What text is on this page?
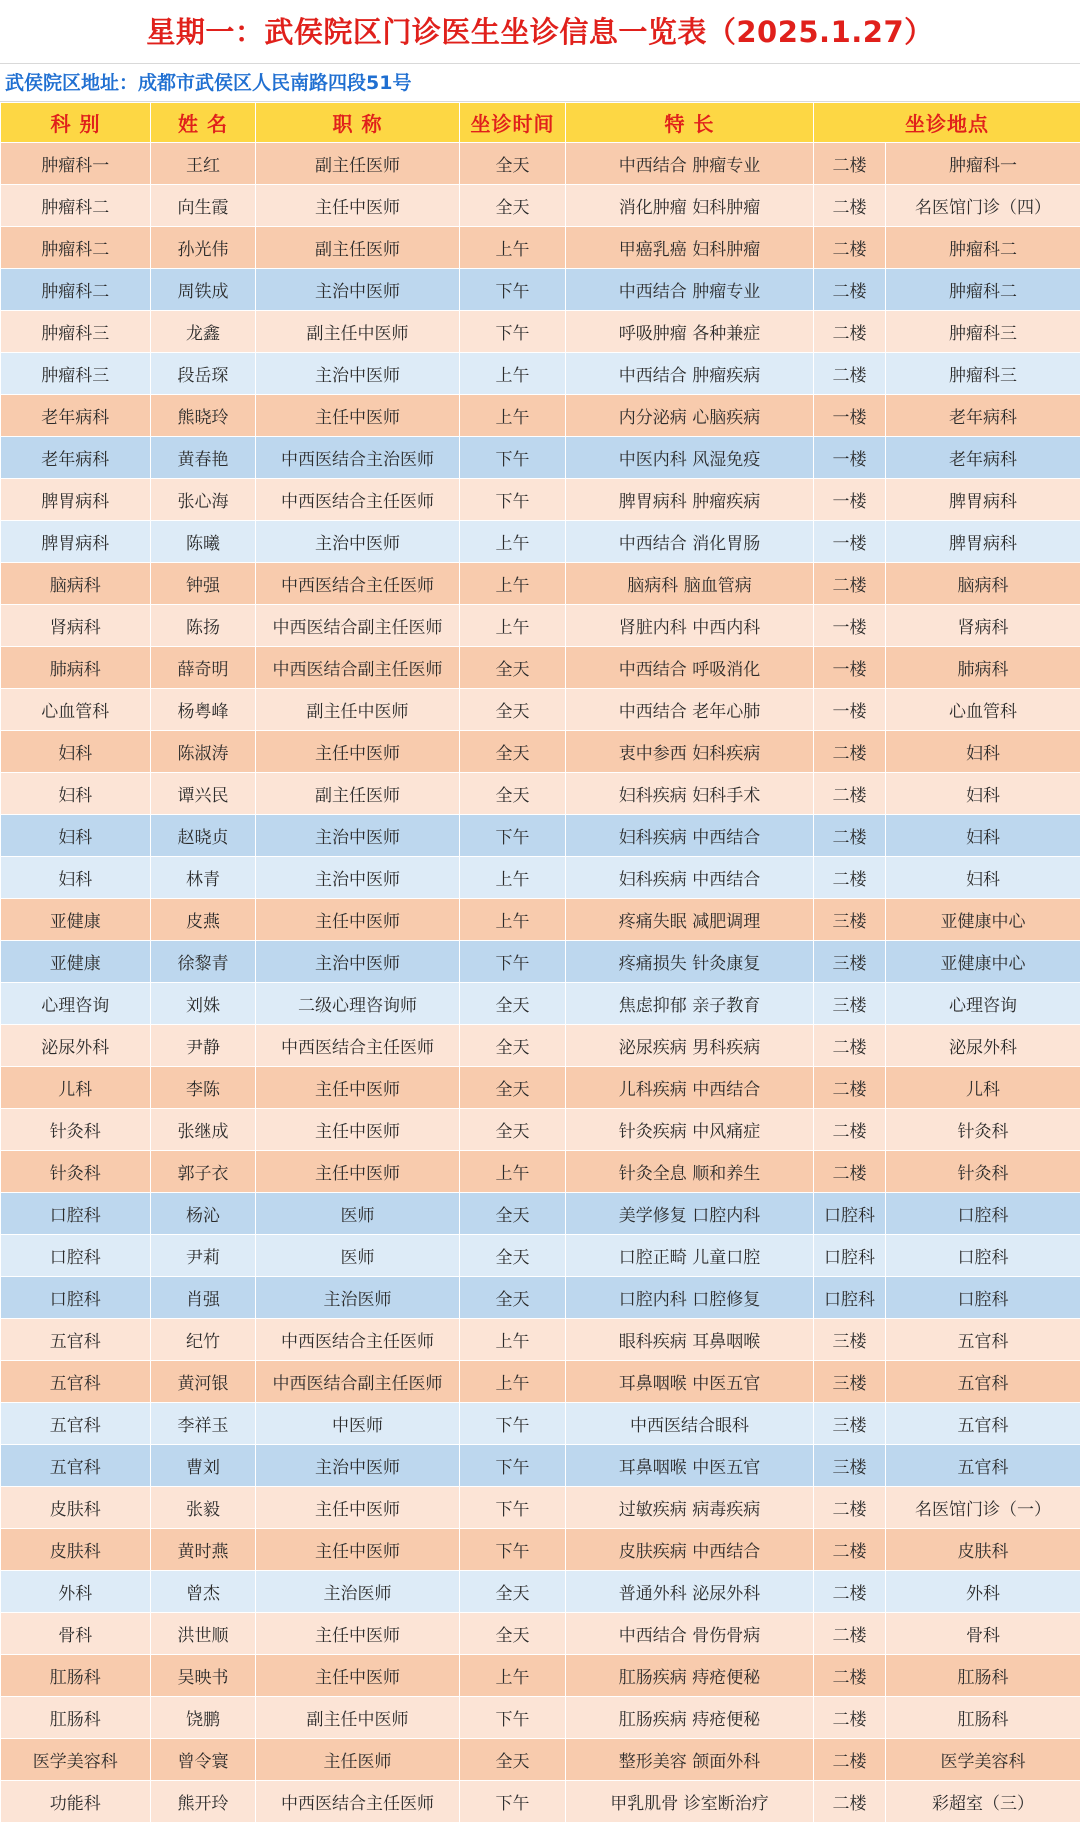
星期一：武侯院区门诊医生坐诊信息一览表（2025.1.27）
武侯院区地址：成都市武侯区人民南路四段51号
科 别	姓 名	职 称	坐诊时间	特 长	坐诊地点	
肿瘤科一	王红	副主任医师	全天	中西结合 肿瘤专业	二楼	肿瘤科一
肿瘤科二	向生霞	主任中医师	全天	消化肿瘤 妇科肿瘤	二楼	名医馆门诊（四）
肿瘤科二	孙光伟	副主任医师	上午	甲癌乳癌 妇科肿瘤	二楼	肿瘤科二
肿瘤科二	周铁成	主治中医师	下午	中西结合 肿瘤专业	二楼	肿瘤科二
肿瘤科三	龙鑫	副主任中医师	下午	呼吸肿瘤 各种兼症	二楼	肿瘤科三
肿瘤科三	段岳琛	主治中医师	上午	中西结合 肿瘤疾病	二楼	肿瘤科三
老年病科	熊晓玲	主任中医师	上午	内分泌病 心脑疾病	一楼	老年病科
老年病科	黄春艳	中西医结合主治医师	下午	中医内科 风湿免疫	一楼	老年病科
脾胃病科	张心海	中西医结合主任医师	下午	脾胃病科 肿瘤疾病	一楼	脾胃病科
脾胃病科	陈曦	主治中医师	上午	中西结合 消化胃肠	一楼	脾胃病科
脑病科	钟强	中西医结合主任医师	上午	脑病科 脑血管病	二楼	脑病科
肾病科	陈扬	中西医结合副主任医师	上午	肾脏内科 中西内科	一楼	肾病科
肺病科	薛奇明	中西医结合副主任医师	全天	中西结合 呼吸消化	一楼	肺病科
心血管科	杨粤峰	副主任中医师	全天	中西结合 老年心肺	一楼	心血管科
妇科	陈淑涛	主任中医师	全天	衷中参西 妇科疾病	二楼	妇科
妇科	谭兴民	副主任医师	全天	妇科疾病 妇科手术	二楼	妇科
妇科	赵晓贞	主治中医师	下午	妇科疾病 中西结合	二楼	妇科
妇科	林青	主治中医师	上午	妇科疾病 中西结合	二楼	妇科
亚健康	皮燕	主任中医师	上午	疼痛失眠 减肥调理	三楼	亚健康中心
亚健康	徐黎青	主治中医师	下午	疼痛损失 针灸康复	三楼	亚健康中心
心理咨询	刘姝	二级心理咨询师	全天	焦虑抑郁 亲子教育	三楼	心理咨询
泌尿外科	尹静	中西医结合主任医师	全天	泌尿疾病 男科疾病	二楼	泌尿外科
儿科	李陈	主任中医师	全天	儿科疾病 中西结合	二楼	儿科
针灸科	张继成	主任中医师	全天	针灸疾病 中风痛症	二楼	针灸科
针灸科	郭子衣	主任中医师	上午	针灸全息 顺和养生	二楼	针灸科
口腔科	杨沁	医师	全天	美学修复 口腔内科	口腔科	口腔科
口腔科	尹莉	医师	全天	口腔正畸 儿童口腔	口腔科	口腔科
口腔科	肖强	主治医师	全天	口腔内科 口腔修复	口腔科	口腔科
五官科	纪竹	中西医结合主任医师	上午	眼科疾病 耳鼻咽喉	三楼	五官科
五官科	黄河银	中西医结合副主任医师	上午	耳鼻咽喉 中医五官	三楼	五官科
五官科	李祥玉	中医师	下午	中西医结合眼科	三楼	五官科
五官科	曹刘	主治中医师	下午	耳鼻咽喉 中医五官	三楼	五官科
皮肤科	张毅	主任中医师	下午	过敏疾病 病毒疾病	二楼	名医馆门诊（一）
皮肤科	黄时燕	主任中医师	下午	皮肤疾病 中西结合	二楼	皮肤科
外科	曾杰	主治医师	全天	普通外科 泌尿外科	二楼	外科
骨科	洪世顺	主任中医师	全天	中西结合 骨伤骨病	二楼	骨科
肛肠科	吴映书	主任中医师	上午	肛肠疾病 痔疮便秘	二楼	肛肠科
肛肠科	饶鹏	副主任中医师	下午	肛肠疾病 痔疮便秘	二楼	肛肠科
医学美容科	曾令寰	主任医师	全天	整形美容 颌面外科	二楼	医学美容科
功能科	熊开玲	中西医结合主任医师	下午	甲乳肌骨 诊室断治疗	二楼	彩超室（三）
